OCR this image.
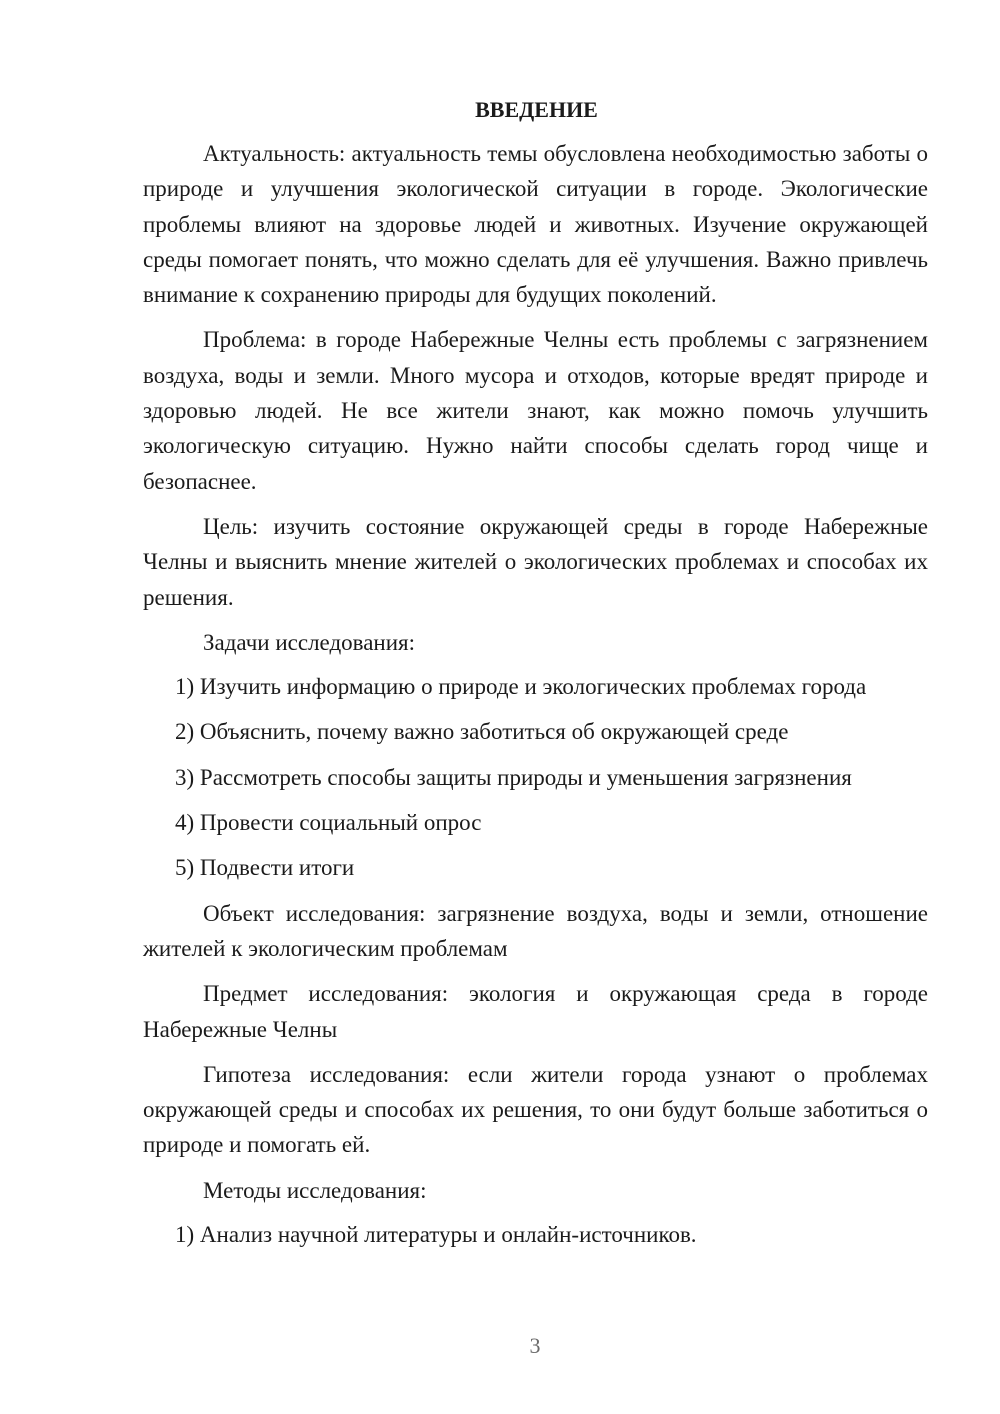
ВВЕДЕНИЕ

Актуальность: актуальность темы обусловлена необходимостью заботы о природе и улучшения экологической ситуации в городе. Экологические проблемы влияют на здоровье людей и животных. Изучение окружающей среды помогает понять, что можно сделать для её улучшения. Важно привлечь внимание к сохранению природы для будущих поколений.

Проблема: в городе Набережные Челны есть проблемы с загрязнением воздуха, воды и земли. Много мусора и отходов, которые вредят природе и здоровью людей. Не все жители знают, как можно помочь улучшить экологическую ситуацию. Нужно найти способы сделать город чище и безопаснее.

Цель: изучить состояние окружающей среды в городе Набережные Челны и выяснить мнение жителей о экологических проблемах и способах их решения.

Задачи исследования:

1) Изучить информацию о природе и экологических проблемах города
2) Объяснить, почему важно заботиться об окружающей среде
3) Рассмотреть способы защиты природы и уменьшения загрязнения
4) Провести социальный опрос
5) Подвести итоги

Объект исследования: загрязнение воздуха, воды и земли, отношение жителей к экологическим проблемам

Предмет исследования: экология и окружающая среда в городе Набережные Челны

Гипотеза исследования: если жители города узнают о проблемах окружающей среды и способах их решения, то они будут больше заботиться о природе и помогать ей.

Методы исследования:

1) Анализ научной литературы и онлайн-источников.
3
